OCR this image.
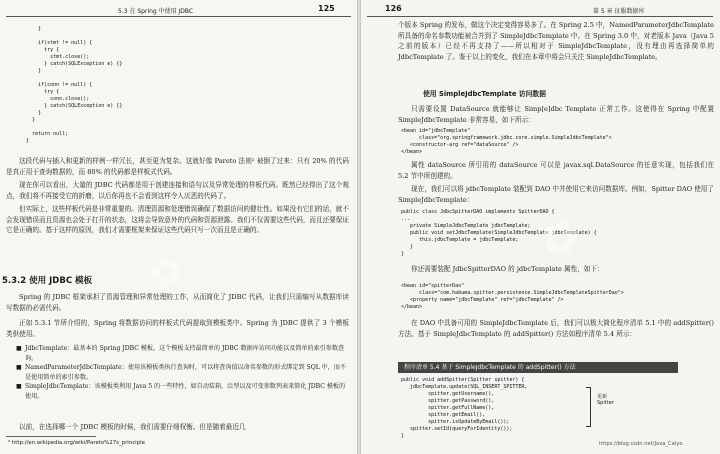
5.3 在 Spring 中使用 JDBC	125
}

if(stmt != null) {
try {
stmt.close();
} catch(SQLException e) {}
}

if(conn != null) {
try {
conn.close();
} catch(SQLException e) {}
}
}

return null;
}
这段代码与插入和更新的样例一样冗长，甚至更为复杂。这就好像 Pareto 法则² 被倒了过来：只有 20% 的代码是真正用于查询数据的，而 80% 的代码都是样板式代码。
现在你可以看出，大量的 JDBC 代码都是用于创建连接和语句以及异常处理的样板代码。既然已经得出了这个观点，我们将不再接受它的折磨，以后你再也不会看到这样令人厌恶的代码了。
但实际上，这些样板代码是非常重要的。清理资源和处理错误确保了数据访问的健壮性。如果没有它们的话，就不会发现错误而且资源也会处于打开的状态，这将会导致意外的代码和资源泄露。我们不仅需要这些代码，而且还要保证它是正确的。基于这样的原因，我们才需要框架来保证这些代码只写一次而且是正确的。
5.3.2 使用 JDBC 模板
Spring 的 JDBC 框架承担了资源管理和异常处理的工作，从而简化了 JDBC 代码，让我们只需编写从数据库读写数据的必需代码。
正如 5.3.1 节所介绍的，Spring 将数据访问的样板式代码提取到模板类中。Spring 为 JDBC 提供了 3 个模板类供使用。
■ JdbcTemplate：最基本的 Spring JDBC 模板，这个模板支持最简单的 JDBC 数据库访问功能以及简单的索引参数查询。
■ NamedParameterJdbcTemplate：使用该模板类执行查询时，可以将查询值以命名参数的形式绑定到 SQL 中，而不是使用简单的索引参数。
■ SimpleJdbcTemplate：该模板类利用 Java 5 的一些特性，如自动装箱、泛型以及可变参数列表来简化 JDBC 模板的使用。
以前，在选择哪一个 JDBC 模板的时候，我们需要仔细权衡。但是随着最近几
² http://en.wikipedia.org/wiki/Pareto%27s_principle
✿
126	第 5 章 征服数据库
个版本 Spring 的发布，做这个决定变得容易多了。在 Spring 2.5 中，NamedParameterJdbcTemplate 所具备的命名参数功能被合并到了 SimpleJdbcTemplate 中。在 Spring 3.0 中，对老版本 Java（Java 5 之前的版本）已经不再支持了——所以相对于 SimpleJdbcTemplate，没有理由再选择简单的 JdbcTemplate 了。鉴于以上的变化，我们在本章中将会只关注 SimpleJdbcTemplate。
使用 SimpleJdbcTemplate 访问数据
只需要设置 DataSource 就能够让 Simp[e]dbc Template 正常工作。这使得在 Spring 中配置 SimpleJdbcTemplate 非常容易，如下所示：
<bean id="jdbcTemplate"
class="org.springframework.jdbc.core.simple.SimpleJdbcTemplate">
<constructor-arg ref="dataSource" />
</bean>
属性 dataSource 所引用的 dataSource 可以是 javax.sql.DataSource 的任意实现，包括我们在 5.2 节中所创建的。
现在，我们可以将 jdbcTemplate 装配到 DAO 中并使用它来访问数据库。例如，Spitter DAO 使用了 SimpleJdbcTemplate：
public class JdbcSpitterDAO implements SpitterDAO {
...
private SimpleJdbcTemplate jdbcTemplate;
public void setJdbcTemplate(SimpleJdbcTemplate jdbcTemplate) {
this.jdbcTemplate = jdbcTemplate;
}
}
你还需要装配 JdbcSpitterDAO 的 jdbcTemplate 属性，如下：
<bean id="spitterDao"
class="com.habuma.spitter.persistence.SimpleJdbcTemplateSpitterDao">
<property name="jdbcTemplate" ref="jdbcTemplate" />
</bean>
在 DAO 中具备可用的 SimpleJdbcTemplate 后，我们可以极大简化程序清单 5.1 中的 addSpitter() 方法。基于 SimpleJdbcTemplate 的 addSpitter() 方法如程序清单 5.4 所示：
程序清单 5.4 基于 SimpleJdbcTemplate 的 addSpitter() 方法
public void addSpitter(Spitter spitter) {
jdbcTemplate.update(SQL_INSERT_SPITTER,
spitter.getUsername(),
spitter.getPassword(),
spitter.getFullName(),
spitter.getEmail(),
spitter.isUpdateByEmail());
spitter.setId(queryForIdentity());
}
更新
Spitter
https://blog.csdn.net/Java_Caiyo
✿
